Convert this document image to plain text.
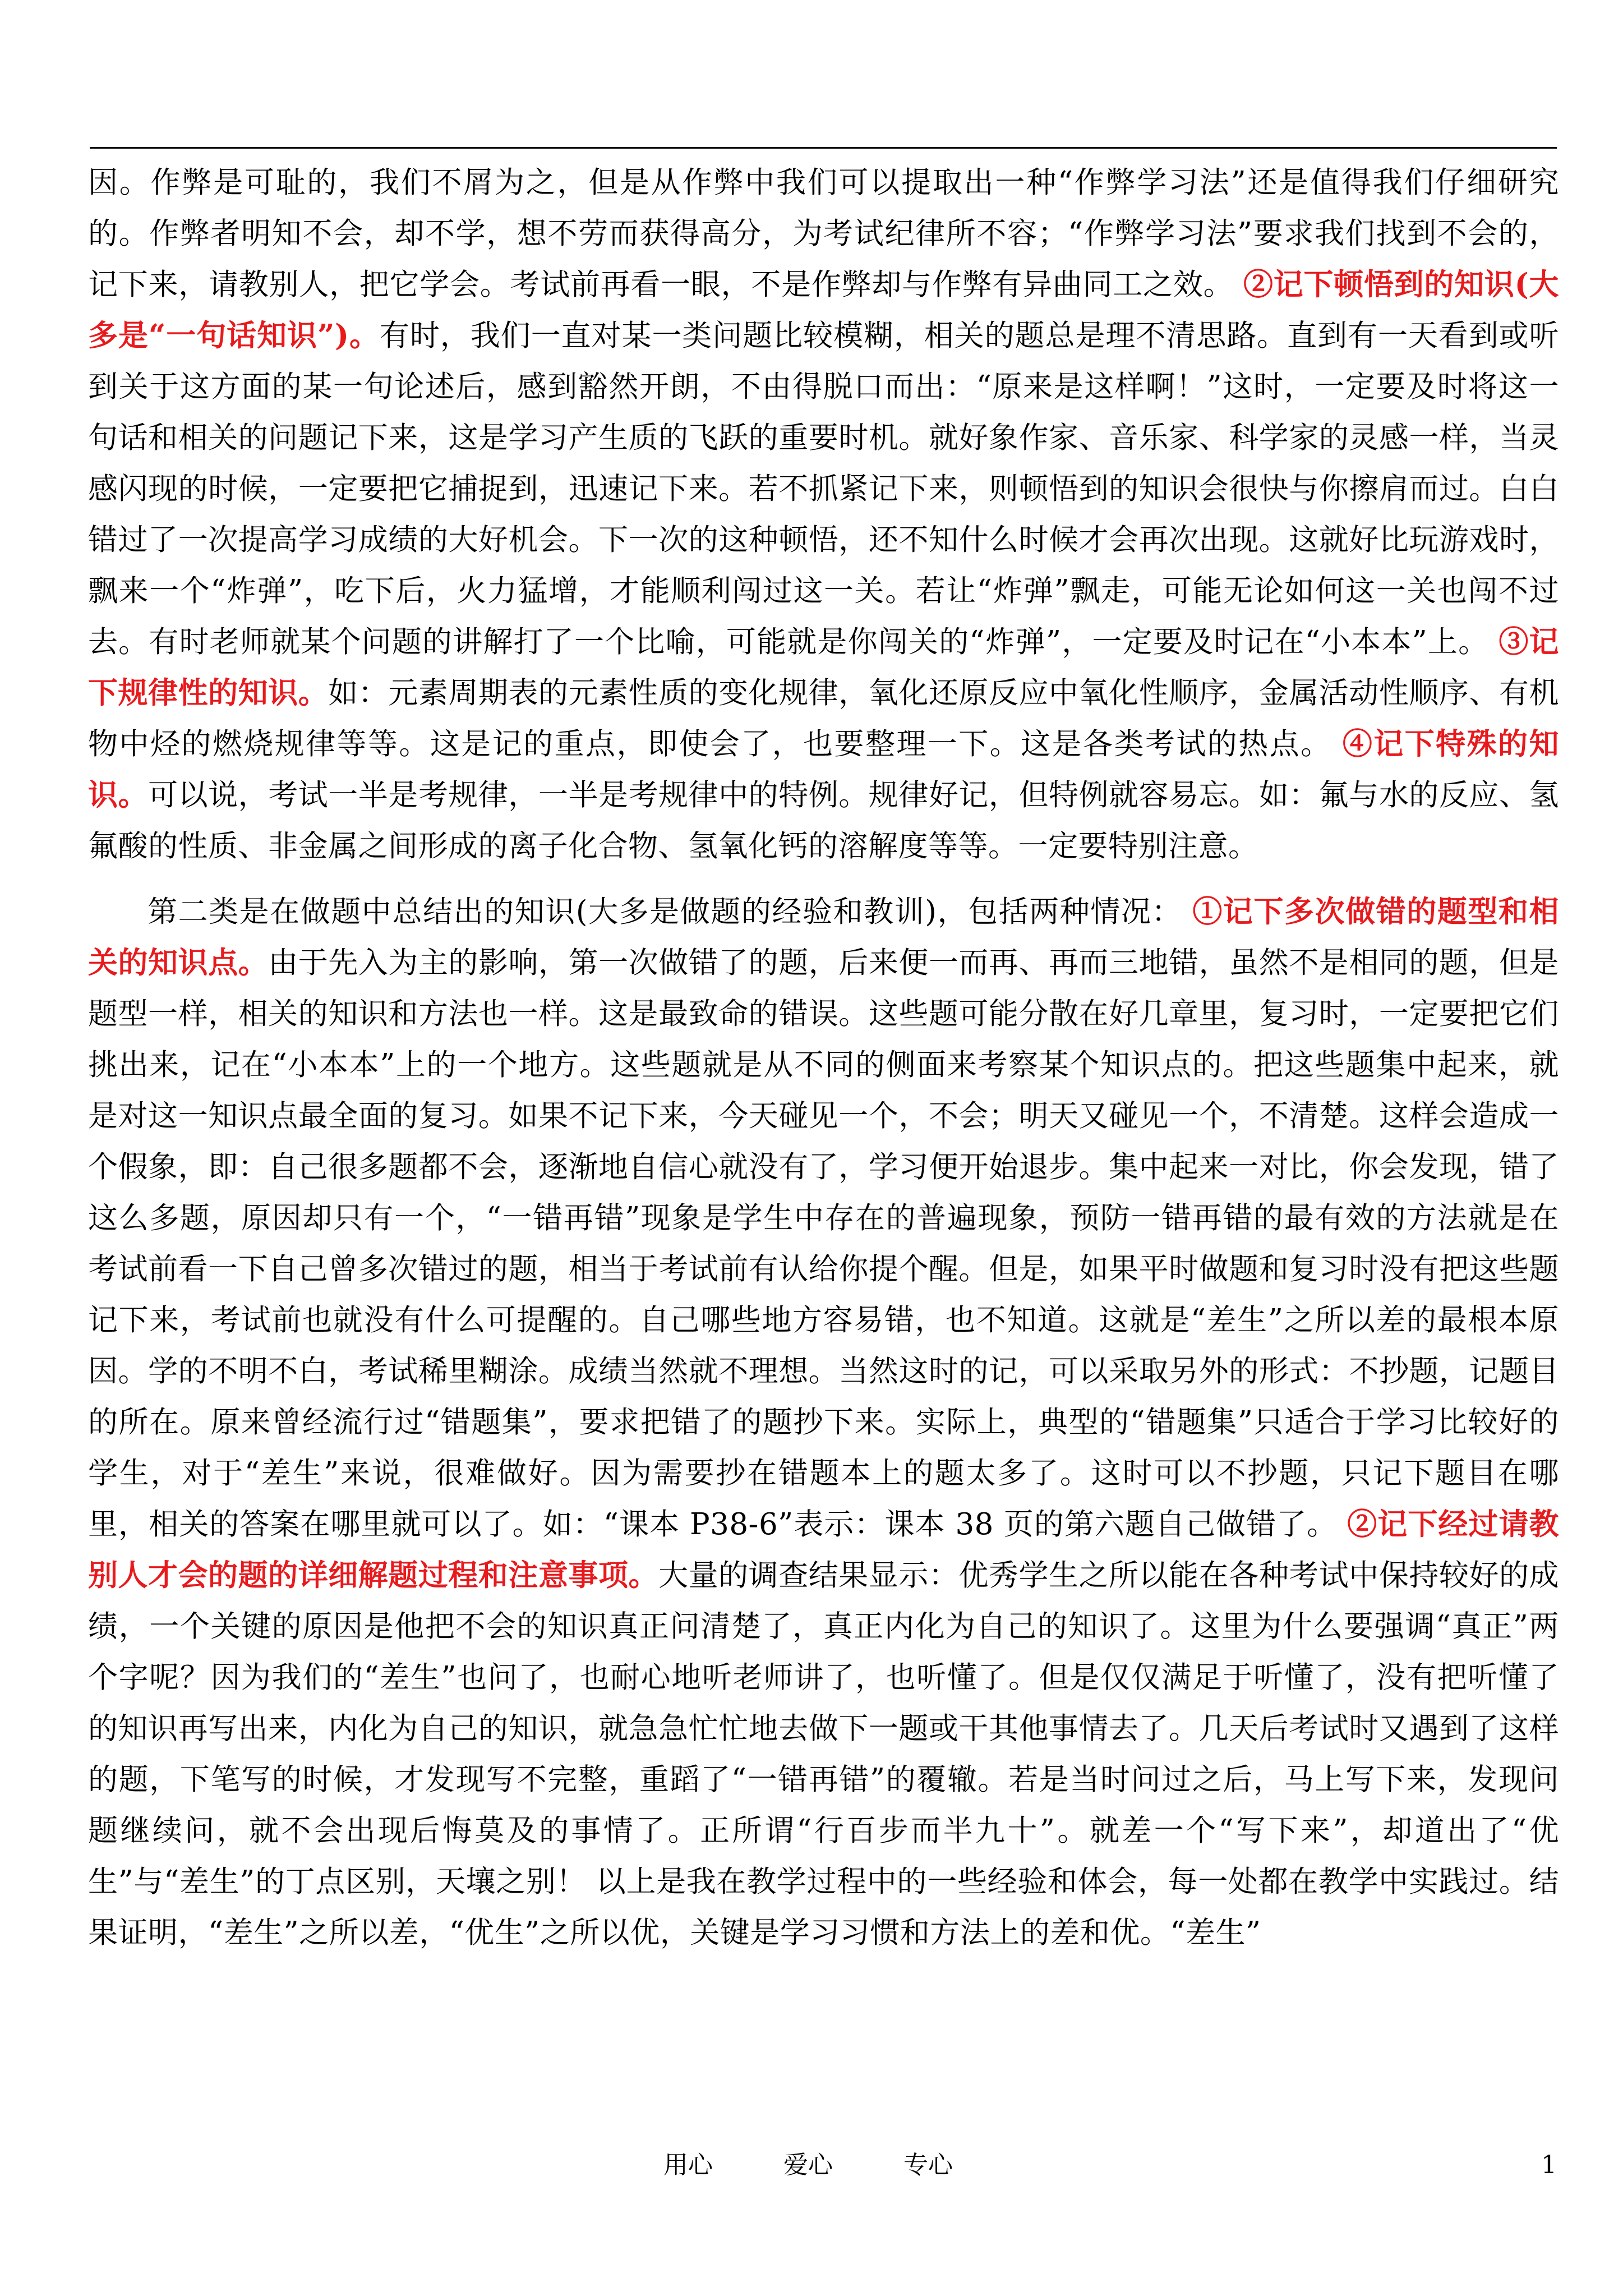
因。作弊是可耻的，我们不屑为之，但是从作弊中我们可以提取出一种“作弊学习法”还是值得我们仔细研究的。作弊者明知不会，却不学，想不劳而获得高分，为考试纪律所不容；“作弊学习法”要求我们找到不会的，记下来，请教别人，把它学会。考试前再看一眼，不是作弊却与作弊有异曲同工之效。 ②记下顿悟到的知识(大多是“一句话知识”)。有时，我们一直对某一类问题比较模糊，相关的题总是理不清思路。直到有一天看到或听到关于这方面的某一句论述后，感到豁然开朗，不由得脱口而出：“原来是这样啊！”这时，一定要及时将这一句话和相关的问题记下来，这是学习产生质的飞跃的重要时机。就好象作家、音乐家、科学家的灵感一样，当灵感闪现的时候，一定要把它捕捉到，迅速记下来。若不抓紧记下来，则顿悟到的知识会很快与你擦肩而过。白白错过了一次提高学习成绩的大好机会。下一次的这种顿悟，还不知什么时候才会再次出现。这就好比玩游戏时，飘来一个“炸弹”，吃下后，火力猛增，才能顺利闯过这一关。若让“炸弹”飘走，可能无论如何这一关也闯不过去。有时老师就某个问题的讲解打了一个比喻，可能就是你闯关的“炸弹”，一定要及时记在“小本本”上。 ③记下规律性的知识。如：元素周期表的元素性质的变化规律，氧化还原反应中氧化性顺序，金属活动性顺序、有机物中烃的燃烧规律等等。这是记的重点，即使会了，也要整理一下。这是各类考试的热点。 ④记下特殊的知识。可以说，考试一半是考规律，一半是考规律中的特例。规律好记，但特例就容易忘。如：氟与水的反应、氢氟酸的性质、非金属之间形成的离子化合物、氢氧化钙的溶解度等等。一定要特别注意。

第二类是在做题中总结出的知识(大多是做题的经验和教训)，包括两种情况： ①记下多次做错的题型和相关的知识点。由于先入为主的影响，第一次做错了的题，后来便一而再、再而三地错，虽然不是相同的题，但是题型一样，相关的知识和方法也一样。这是最致命的错误。这些题可能分散在好几章里，复习时，一定要把它们挑出来，记在“小本本”上的一个地方。这些题就是从不同的侧面来考察某个知识点的。把这些题集中起来，就是对这一知识点最全面的复习。如果不记下来，今天碰见一个，不会；明天又碰见一个，不清楚。这样会造成一个假象，即：自己很多题都不会，逐渐地自信心就没有了，学习便开始退步。集中起来一对比，你会发现，错了这么多题，原因却只有一个，“一错再错”现象是学生中存在的普遍现象，预防一错再错的最有效的方法就是在考试前看一下自己曾多次错过的题，相当于考试前有认给你提个醒。但是，如果平时做题和复习时没有把这些题记下来，考试前也就没有什么可提醒的。自己哪些地方容易错，也不知道。这就是“差生”之所以差的最根本原因。学的不明不白，考试稀里糊涂。成绩当然就不理想。当然这时的记，可以采取另外的形式：不抄题，记题目的所在。原来曾经流行过“错题集”，要求把错了的题抄下来。实际上，典型的“错题集”只适合于学习比较好的学生，对于“差生”来说，很难做好。因为需要抄在错题本上的题太多了。这时可以不抄题，只记下题目在哪里，相关的答案在哪里就可以了。如：“课本 P38-6”表示：课本 38 页的第六题自己做错了。 ②记下经过请教别人才会的题的详细解题过程和注意事项。大量的调查结果显示：优秀学生之所以能在各种考试中保持较好的成绩，一个关键的原因是他把不会的知识真正问清楚了，真正内化为自己的知识了。这里为什么要强调“真正”两个字呢？因为我们的“差生”也问了，也耐心地听老师讲了，也听懂了。但是仅仅满足于听懂了，没有把听懂了的知识再写出来，内化为自己的知识，就急急忙忙地去做下一题或干其他事情去了。几天后考试时又遇到了这样的题，下笔写的时候，才发现写不完整，重蹈了“一错再错”的覆辙。若是当时问过之后，马上写下来，发现问题继续问，就不会出现后悔莫及的事情了。正所谓“行百步而半九十”。就差一个“写下来”，却道出了“优生”与“差生”的丁点区别，天壤之别！ 以上是我在教学过程中的一些经验和体会，每一处都在教学中实践过。结果证明，“差生”之所以差，“优生”之所以优，关键是学习习惯和方法上的差和优。“差生”

用心	爱心	专心	1
